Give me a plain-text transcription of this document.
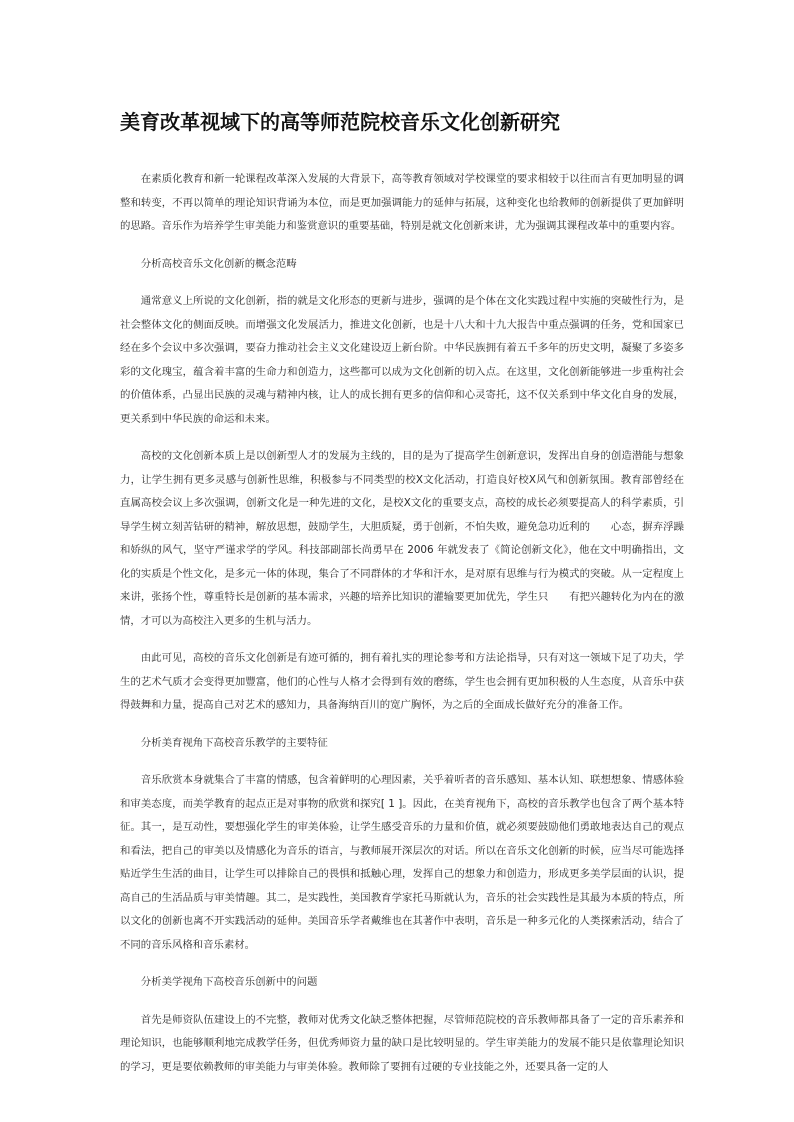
美育改革视域下的高等师范院校音乐文化创新研究

在素质化教育和新一轮课程改革深入发展的大背景下，高等教育领域对学校课堂的要求相较于以往而言有更加明显的调整和转变，不再以简单的理论知识背诵为本位，而是更加强调能力的延伸与拓展，这种变化也给教师的创新提供了更加鲜明的思路。音乐作为培养学生审美能力和鉴赏意识的重要基础，特别是就文化创新来讲，尤为强调其课程改革中的重要内容。

分析高校音乐文化创新的概念范畴

通常意义上所说的文化创新，指的就是文化形态的更新与进步，强调的是个体在文化实践过程中实施的突破性行为，是社会整体文化的侧面反映。而增强文化发展活力，推进文化创新，也是十八大和十九大报告中重点强调的任务，党和国家已经在多个会议中多次强调，要奋力推动社会主义文化建设迈上新台阶。中华民族拥有着五千多年的历史文明，凝聚了多姿多彩的文化瑰宝，蕴含着丰富的生命力和创造力，这些都可以成为文化创新的切入点。在这里，文化创新能够进一步重构社会的价值体系，凸显出民族的灵魂与精神内核，让人的成长拥有更多的信仰和心灵寄托，这不仅关系到中华文化自身的发展，更关系到中华民族的命运和未来。

高校的文化创新本质上是以创新型人才的发展为主线的，目的是为了提高学生创新意识，发挥出自身的创造潜能与想象力，让学生拥有更多灵感与创新性思维，积极参与不同类型的校X文化活动，打造良好校X风气和创新氛围。教育部曾经在直属高校会议上多次强调，创新文化是一种先进的文化，是校X文化的重要支点，高校的成长必须要提高人的科学素质，引导学生树立刻苦钻研的精神，解放思想，鼓励学生，大胆质疑，勇于创新，不怕失败，避免急功近利的　　心态，摒弃浮躁和娇纵的风气，坚守严谨求学的学风。科技部副部长尚勇早在 2006 年就发表了《简论创新文化》，他在文中明确指出，文化的实质是个性文化，是多元一体的体现，集合了不同群体的才华和汗水，是对原有思维与行为模式的突破。从一定程度上来讲，张扬个性，尊重特长是创新的基本需求，兴趣的培养比知识的灌输要更加优先，学生只　　有把兴趣转化为内在的激情，才可以为高校注入更多的生机与活力。

由此可见，高校的音乐文化创新是有迹可循的，拥有着扎实的理论参考和方法论指导，只有对这一领域下足了功夫，学生的艺术气质才会变得更加豐富，他们的心性与人格才会得到有效的磨练，学生也会拥有更加积极的人生态度，从音乐中获得鼓舞和力量，提高自己对艺术的感知力，具备海纳百川的宽广胸怀，为之后的全面成长做好充分的准备工作。

分析美育视角下高校音乐教学的主要特征

音乐欣赏本身就集合了丰富的情感，包含着鲜明的心理因素，关乎着听者的音乐感知、基本认知、联想想象、情感体验和审美态度，而美学教育的起点正是对事物的欣赏和探究[ 1 ]。因此，在美育视角下，高校的音乐教学也包含了两个基本特征。其一，是互动性，要想强化学生的审美体验，让学生感受音乐的力量和价值，就必须要鼓励他们勇敢地表达自己的观点和看法，把自己的审美以及情感化为音乐的语言，与教师展开深层次的对话。所以在音乐文化创新的时候，应当尽可能选择贴近学生生活的曲目，让学生可以排除自己的畏惧和抵触心理，发挥自己的想象力和创造力，形成更多美学层面的认识，提高自己的生活品质与审美情趣。其二，是实践性，美国教育学家托马斯就认为，音乐的社会实践性是其最为本质的特点，所以文化的创新也离不开实践活动的延伸。美国音乐学者戴维也在其著作中表明，音乐是一种多元化的人类探索活动，结合了不同的音乐风格和音乐素材。

分析美学视角下高校音乐创新中的问题

首先是师资队伍建设上的不完整，教师对优秀文化缺乏整体把握，尽管师范院校的音乐教师都具备了一定的音乐素养和理论知识，也能够顺利地完成教学任务，但优秀师资力量的缺口是比较明显的。学生审美能力的发展不能只是依靠理论知识的学习，更是要依赖教师的审美能力与审美体验。教师除了要拥有过硬的专业技能之外，还要具备一定的人
